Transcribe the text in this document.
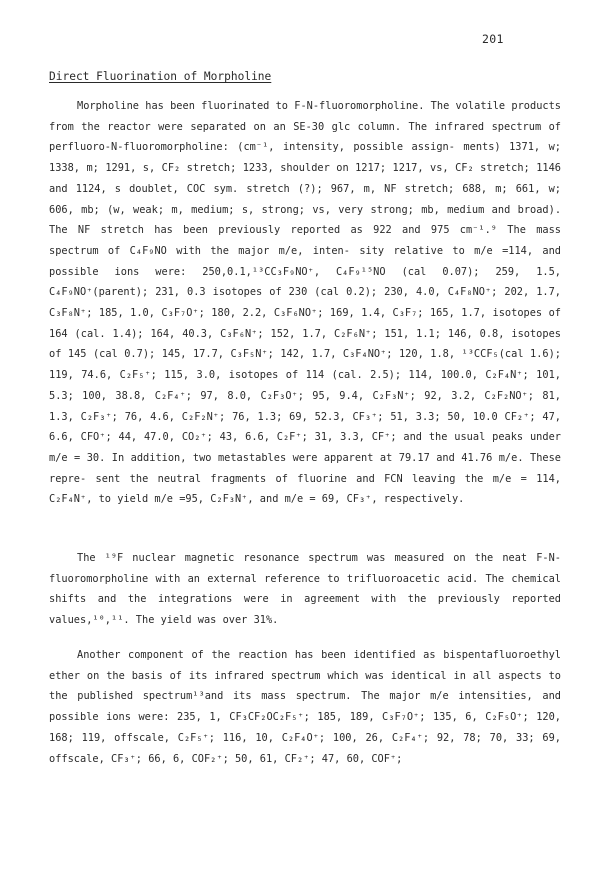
201
Direct Fluorination of Morpholine

Morpholine has been fluorinated to F-N-fluoromorpholine. The volatile products from the reactor were separated on an SE-30 glc column. The infrared spectrum of perfluoro-N-fluoromorpholine: (cm⁻¹, intensity, possible assign- ments) 1371, w; 1338, m; 1291, s, CF₂ stretch; 1233, shoulder on 1217; 1217, vs, CF₂ stretch; 1146 and 1124, s doublet, COC sym. stretch (?); 967, m, NF stretch; 688, m; 661, w; 606, mb; (w, weak; m, medium; s, strong; vs, very strong; mb, medium and broad). The NF stretch has been previously reported as 922 and 975 cm⁻¹.⁹ The mass spectrum of C₄F₉NO with the major m/e, inten- sity relative to m/e =114, and possible ions were: 250,0.1,¹³CC₃F₉NO⁺, C₄F₉¹⁵NO (cal 0.07); 259, 1.5, C₄F₉NO⁺(parent); 231, 0.3 isotopes of 230 (cal 0.2); 230, 4.0, C₄F₈NO⁺; 202, 1.7, C₃F₈N⁺; 185, 1.0, C₃F₇O⁺; 180, 2.2, C₃F₆NO⁺; 169, 1.4, C₃F₇; 165, 1.7, isotopes of 164 (cal. 1.4); 164, 40.3, C₃F₆N⁺; 152, 1.7, C₂F₆N⁺; 151, 1.1; 146, 0.8, isotopes of 145 (cal 0.7); 145, 17.7, C₃F₅N⁺; 142, 1.7, C₃F₄NO⁺; 120, 1.8, ¹³CCF₅(cal 1.6); 119, 74.6, C₂F₅⁺; 115, 3.0, isotopes of 114 (cal. 2.5); 114, 100.0, C₂F₄N⁺; 101, 5.3; 100, 38.8, C₂F₄⁺; 97, 8.0, C₂F₃O⁺; 95, 9.4, C₂F₃N⁺; 92, 3.2, C₂F₂NO⁺; 81, 1.3, C₂F₃⁺; 76, 4.6, C₂F₂N⁺; 76, 1.3; 69, 52.3, CF₃⁺; 51, 3.3; 50, 10.0 CF₂⁺; 47, 6.6, CFO⁺; 44, 47.0, CO₂⁺; 43, 6.6, C₂F⁺; 31, 3.3, CF⁺; and the usual peaks under m/e = 30. In addition, two metastables were apparent at 79.17 and 41.76 m/e. These repre- sent the neutral fragments of fluorine and FCN leaving the m/e = 114, C₂F₄N⁺, to yield m/e =95, C₂F₃N⁺, and m/e = 69, CF₃⁺, respectively.

The ¹⁹F nuclear magnetic resonance spectrum was measured on the neat F-N-fluoromorpholine with an external reference to trifluoroacetic acid. The chemical shifts and the integrations were in agreement with the previously reported values,¹⁰,¹¹. The yield was over 31%.

Another component of the reaction has been identified as bispentafluoroethyl ether on the basis of its infrared spectrum which was identical in all aspects to the published spectrum¹³and its mass spectrum. The major m/e intensities, and possible ions were: 235, 1, CF₃CF₂OC₂F₅⁺; 185, 189, C₃F₇O⁺; 135, 6, C₂F₅O⁺; 120, 168; 119, offscale, C₂F₅⁺; 116, 10, C₂F₄O⁺; 100, 26, C₂F₄⁺; 92, 78; 70, 33; 69, offscale, CF₃⁺; 66, 6, COF₂⁺; 50, 61, CF₂⁺; 47, 60, COF⁺;
